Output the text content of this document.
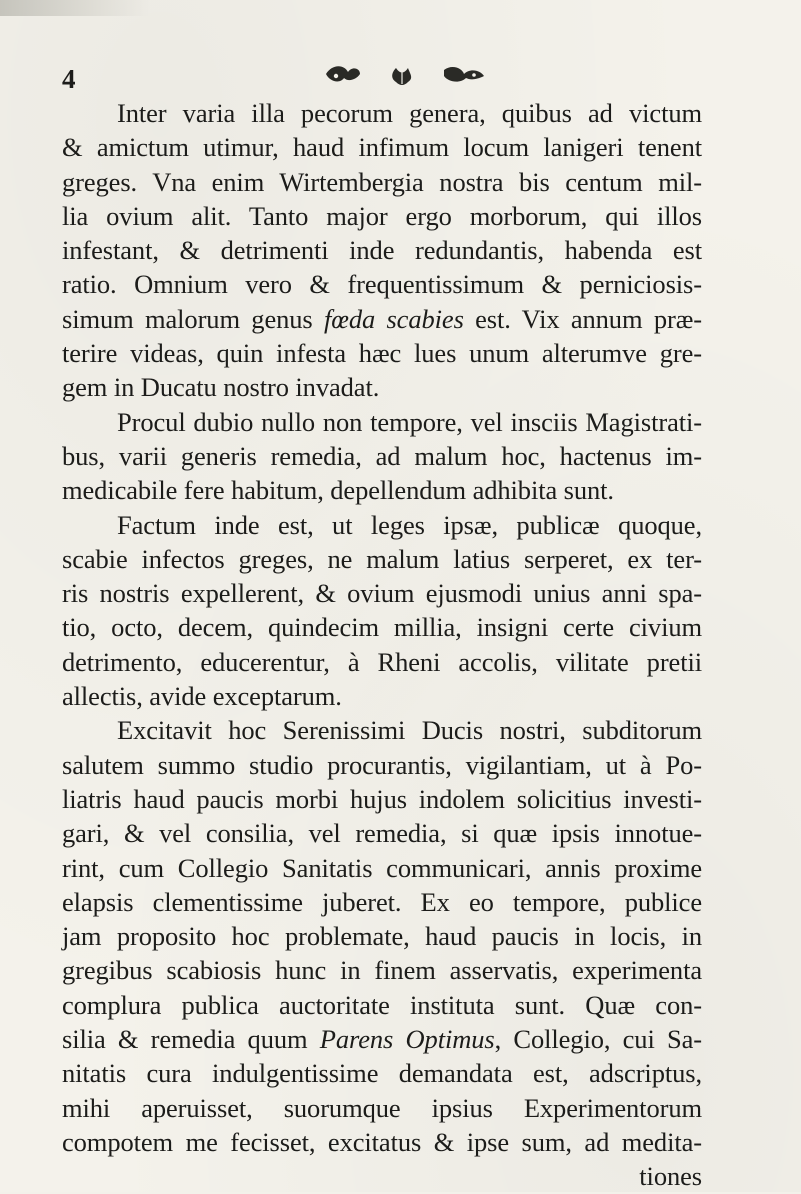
4
Inter varia illa pecorum genera, quibus ad victum
& amictum utimur, haud infimum locum lanigeri tenent
greges. Vna enim Wirtembergia nostra bis centum mil-
lia ovium alit. Tanto major ergo morborum, qui illos
infestant, & detrimenti inde redundantis, habenda est
ratio. Omnium vero & frequentissimum & perniciosis-
simum malorum genus fœda scabies est. Vix annum præ-
terire videas, quin infesta hæc lues unum alterumve gre-
gem in Ducatu nostro invadat.
Procul dubio nullo non tempore, vel insciis Magistrati-
bus, varii generis remedia, ad malum hoc, hactenus im-
medicabile fere habitum, depellendum adhibita sunt.
Factum inde est, ut leges ipsæ, publicæ quoque,
scabie infectos greges, ne malum latius serperet, ex ter-
ris nostris expellerent, & ovium ejusmodi unius anni spa-
tio, octo, decem, quindecim millia, insigni certe civium
detrimento, educerentur, à Rheni accolis, vilitate pretii
allectis, avide exceptarum.
Excitavit hoc Serenissimi Ducis nostri, subditorum
salutem summo studio procurantis, vigilantiam, ut à Po-
liatris haud paucis morbi hujus indolem solicitius investi-
gari, & vel consilia, vel remedia, si quæ ipsis innotue-
rint, cum Collegio Sanitatis communicari, annis proxime
elapsis clementissime juberet. Ex eo tempore, publice
jam proposito hoc problemate, haud paucis in locis, in
gregibus scabiosis hunc in finem asservatis, experimenta
complura publica auctoritate instituta sunt. Quæ con-
silia & remedia quum Parens Optimus, Collegio, cui Sa-
nitatis cura indulgentissime demandata est, adscriptus,
mihi aperuisset, suorumque ipsius Experimentorum
compotem me fecisset, excitatus & ipse sum, ad medita-
tiones
